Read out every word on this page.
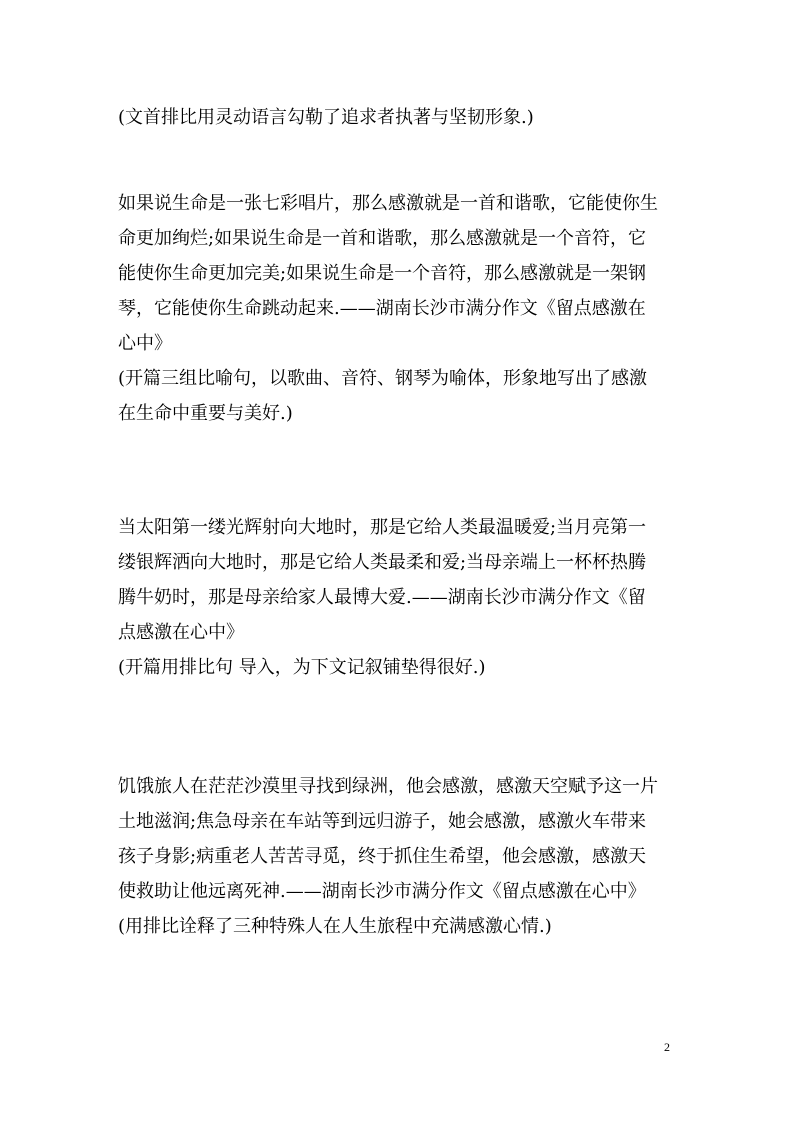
(文首排比用灵动语言勾勒了追求者执著与坚韧形象.)
如果说生命是一张七彩唱片，那么感激就是一首和谐歌，它能使你生
命更加绚烂;如果说生命是一首和谐歌，那么感激就是一个音符，它
能使你生命更加完美;如果说生命是一个音符，那么感激就是一架钢
琴，它能使你生命跳动起来.——湖南长沙市满分作文《留点感激在
心中》
(开篇三组比喻句，以歌曲、音符、钢琴为喻体，形象地写出了感激
在生命中重要与美好.)
当太阳第一缕光辉射向大地时，那是它给人类最温暖爱;当月亮第一
缕银辉洒向大地时，那是它给人类最柔和爱;当母亲端上一杯杯热腾
腾牛奶时，那是母亲给家人最博大爱.——湖南长沙市满分作文《留
点感激在心中》
(开篇用排比句 导入，为下文记叙铺垫得很好.)
饥饿旅人在茫茫沙漠里寻找到绿洲，他会感激，感激天空赋予这一片
土地滋润;焦急母亲在车站等到远归游子，她会感激，感激火车带来
孩子身影;病重老人苦苦寻觅，终于抓住生希望，他会感激，感激天
使救助让他远离死神.——湖南长沙市满分作文《留点感激在心中》
(用排比诠释了三种特殊人在人生旅程中充满感激心情.)
2
